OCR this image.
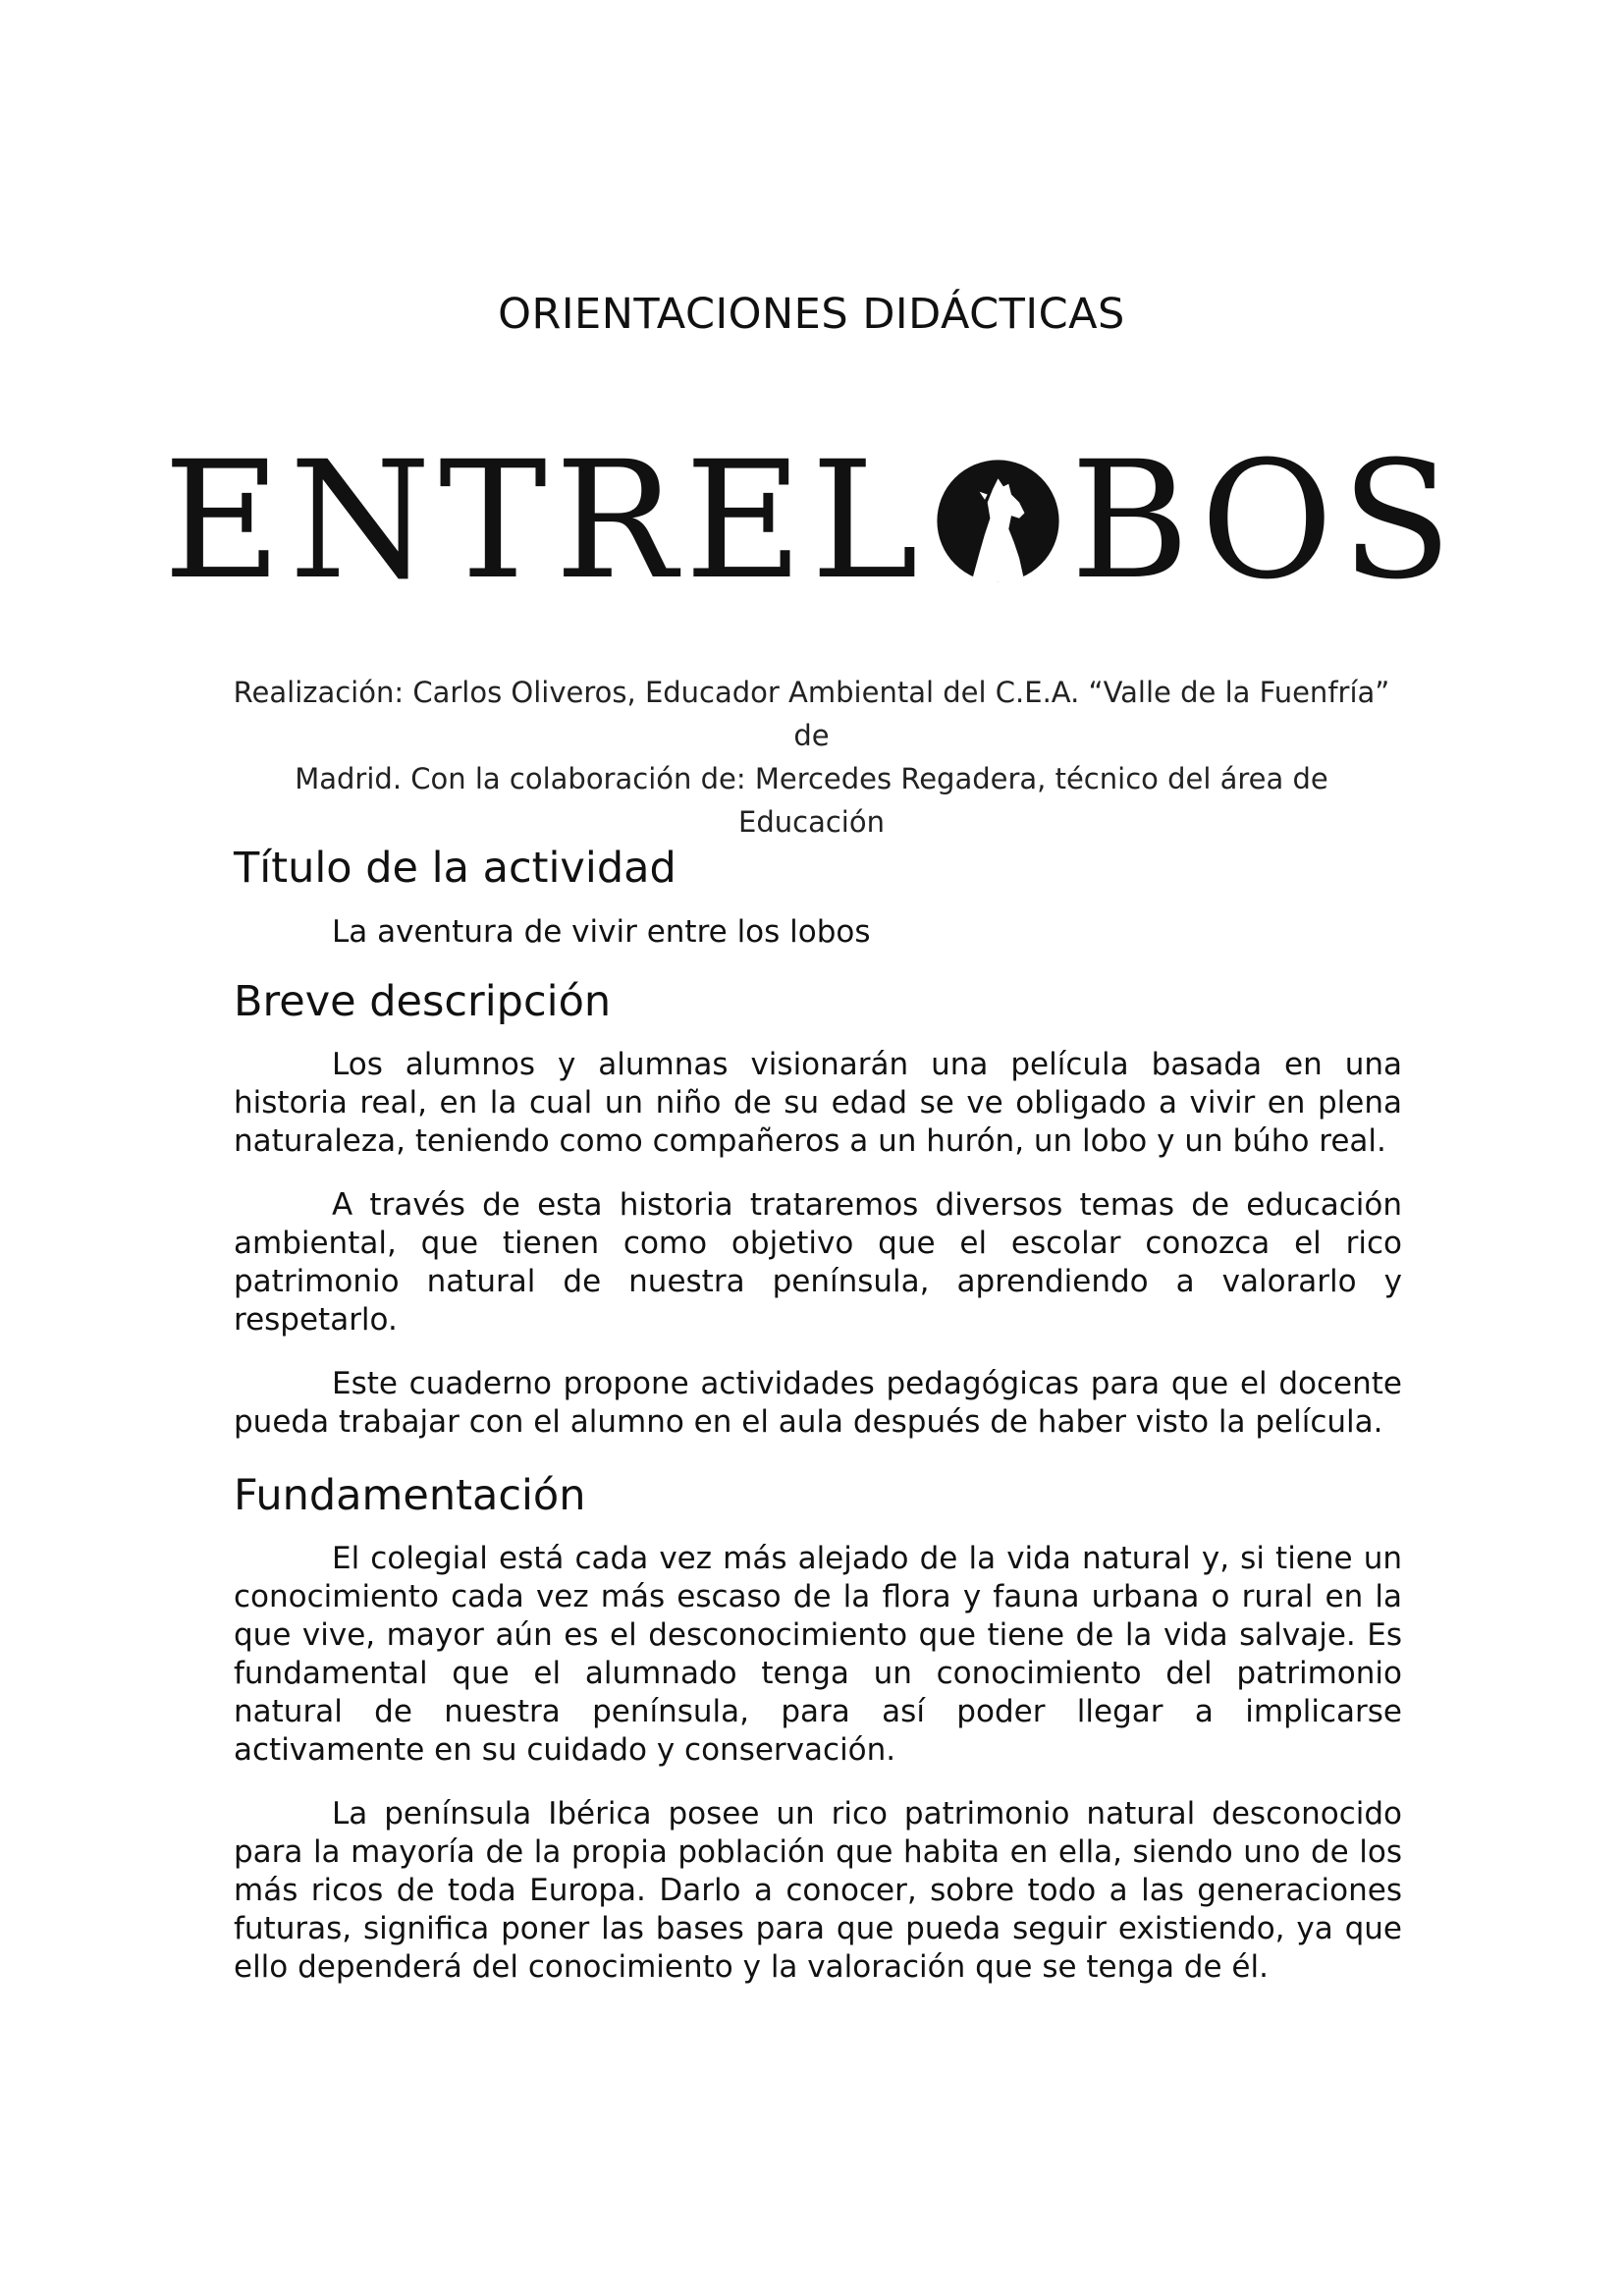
ORIENTACIONES DIDÁCTICAS
ENTREL BOS

Realización: Carlos Oliveros, Educador Ambiental del C.E.A. “Valle de la Fuenfría” de

Madrid. Con la colaboración de: Mercedes Regadera, técnico del área de Educación

Título de la actividad

La aventura de vivir entre los lobos

Breve descripción

Los alumnos y alumnas visionarán una película basada en una historia real, en la cual un niño de su edad se ve obligado a vivir en plena naturaleza, teniendo como compañeros a un hurón, un lobo y un búho real.

A través de esta historia trataremos diversos temas de educación ambiental, que tienen como objetivo que el escolar conozca el rico patrimonio natural de nuestra península, aprendiendo a valorarlo y respetarlo.

Este cuaderno propone actividades pedagógicas para que el docente pueda trabajar con el alumno en el aula después de haber visto la película.

Fundamentación

El colegial está cada vez más alejado de la vida natural y, si tiene un conocimiento cada vez más escaso de la flora y fauna urbana o rural en la que vive, mayor aún es el desconocimiento que tiene de la vida salvaje. Es fundamental que el alumnado tenga un conocimiento del patrimonio natural de nuestra península, para así poder llegar a implicarse activamente en su cuidado y conservación.

La península Ibérica posee un rico patrimonio natural desconocido para la mayoría de la propia población que habita en ella, siendo uno de los más ricos de toda Europa. Darlo a conocer, sobre todo a las generaciones futuras, significa poner las bases para que pueda seguir existiendo, ya que ello dependerá del conocimiento y la valoración que se tenga de él.
